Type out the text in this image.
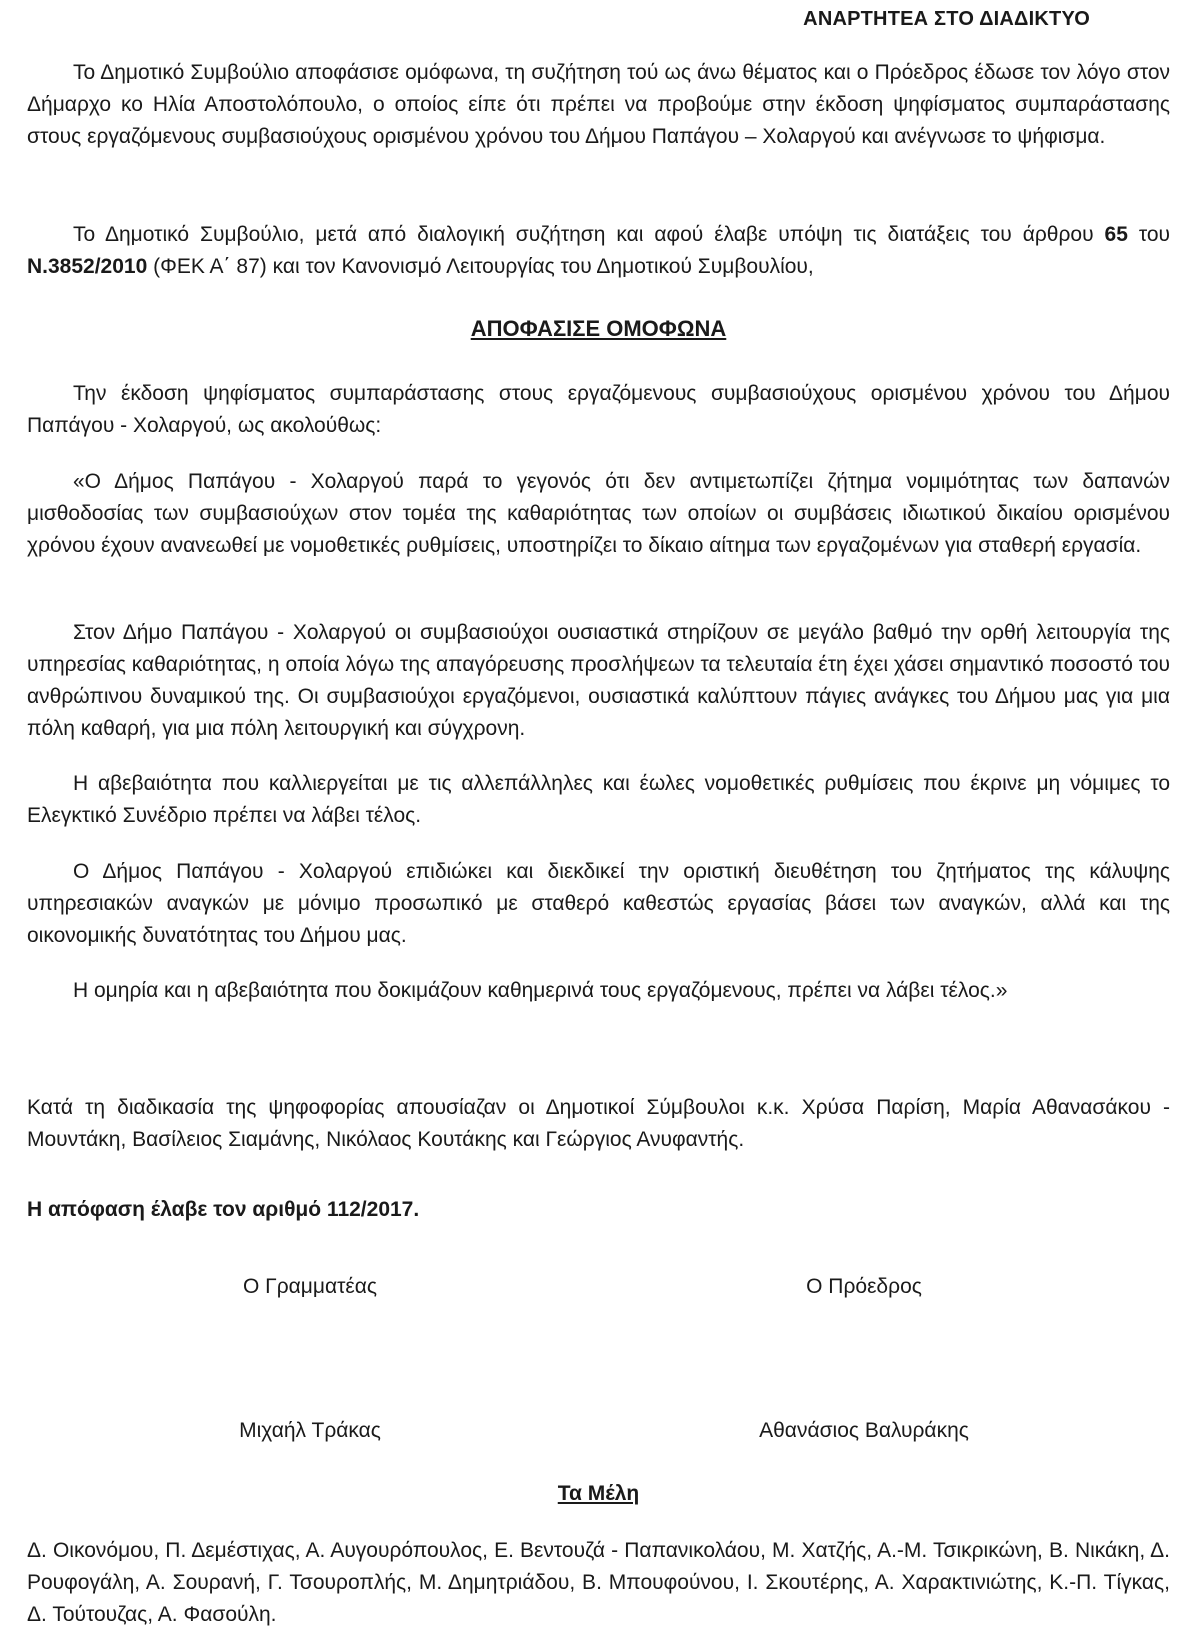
ΑΝΑΡΤΗΤΕΑ ΣΤΟ ΔΙΑΔΙΚΤΥΟ
Το Δημοτικό Συμβούλιο αποφάσισε ομόφωνα, τη συζήτηση τού ως άνω θέματος και ο Πρόεδρος έδωσε τον λόγο στον Δήμαρχο κο Ηλία Αποστολόπουλο, ο οποίος είπε ότι πρέπει να προβούμε στην έκδοση ψηφίσματος συμπαράστασης στους εργαζόμενους συμβασιούχους ορισμένου χρόνου του Δήμου Παπάγου – Χολαργού και ανέγνωσε το ψήφισμα.
Το Δημοτικό Συμβούλιο, μετά από διαλογική συζήτηση και αφού έλαβε υπόψη τις διατάξεις του άρθρου 65 του Ν.3852/2010 (ΦΕΚ Α΄ 87) και τον Κανονισμό Λειτουργίας του Δημοτικού Συμβουλίου,
ΑΠΟΦΑΣΙΣΕ ΟΜΟΦΩΝΑ
Την έκδοση ψηφίσματος συμπαράστασης στους εργαζόμενους συμβασιούχους ορισμένου χρόνου του Δήμου Παπάγου - Χολαργού, ως ακολούθως:
«Ο Δήμος Παπάγου - Χολαργού παρά το γεγονός ότι δεν αντιμετωπίζει ζήτημα νομιμότητας των δαπανών μισθοδοσίας των συμβασιούχων στον τομέα της καθαριότητας των οποίων οι συμβάσεις ιδιωτικού δικαίου ορισμένου χρόνου έχουν ανανεωθεί με νομοθετικές ρυθμίσεις, υποστηρίζει το δίκαιο αίτημα των εργαζομένων για σταθερή εργασία.
Στον Δήμο Παπάγου - Χολαργού οι συμβασιούχοι ουσιαστικά στηρίζουν σε μεγάλο βαθμό την ορθή λειτουργία της υπηρεσίας καθαριότητας, η οποία λόγω της απαγόρευσης προσλήψεων τα τελευταία έτη έχει χάσει σημαντικό ποσοστό του ανθρώπινου δυναμικού της. Οι συμβασιούχοι εργαζόμενοι, ουσιαστικά καλύπτουν πάγιες ανάγκες του Δήμου μας για μια πόλη καθαρή, για μια πόλη λειτουργική και σύγχρονη.
Η αβεβαιότητα που καλλιεργείται με τις αλλεπάλληλες και έωλες νομοθετικές ρυθμίσεις που έκρινε μη νόμιμες το Ελεγκτικό Συνέδριο πρέπει να λάβει τέλος.
Ο Δήμος Παπάγου - Χολαργού επιδιώκει και διεκδικεί την οριστική διευθέτηση του ζητήματος της κάλυψης υπηρεσιακών αναγκών με μόνιμο προσωπικό με σταθερό καθεστώς εργασίας βάσει των αναγκών, αλλά και της οικονομικής δυνατότητας του Δήμου μας.
Η ομηρία και η αβεβαιότητα που δοκιμάζουν καθημερινά τους εργαζόμενους, πρέπει να λάβει τέλος.»
Κατά τη διαδικασία της ψηφοφορίας απουσίαζαν οι Δημοτικοί Σύμβουλοι κ.κ. Χρύσα Παρίση, Μαρία Αθανασάκου - Μουντάκη, Βασίλειος Σιαμάνης, Νικόλαος Κουτάκης και Γεώργιος Ανυφαντής.
Η απόφαση έλαβε τον αριθμό 112/2017.
Ο Γραμματέας	Ο Πρόεδρος
Μιχαήλ Τράκας	Αθανάσιος Βαλυράκης
Τα Μέλη
Δ. Οικονόμου, Π. Δεμέστιχας, Α. Αυγουρόπουλος, Ε. Βεντουζά - Παπανικολάου, Μ. Χατζής, Α.-Μ. Τσικρικώνη, Β. Νικάκη, Δ. Ρουφογάλη, Α. Σουρανή, Γ. Τσουροπλής, Μ. Δημητριάδου, Β. Μπουφούνου, Ι. Σκουτέρης, Α. Χαρακτινιώτης, Κ.-Π. Τίγκας, Δ. Τούτουζας, Α. Φασούλη.
